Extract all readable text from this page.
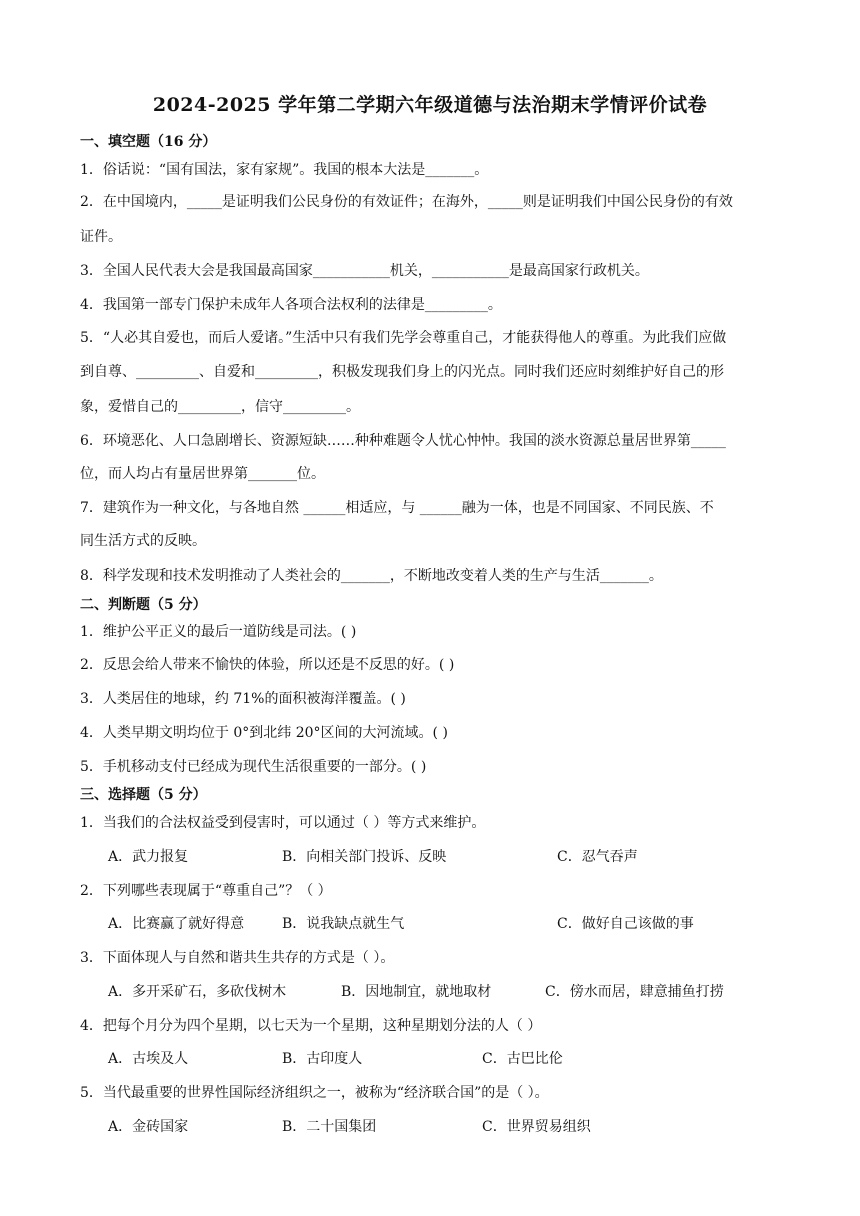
2024-2025 学年第二学期六年级道德与法治期末学情评价试卷
一、填空题（16 分）
1．俗话说：“国有国法，家有家规”。我国的根本大法是_______。
2．在中国境内，_____是证明我们公民身份的有效证件；在海外，_____则是证明我们中国公民身份的有效
证件。
3．全国人民代表大会是我国最高国家___________机关，___________是最高国家行政机关。
4．我国第一部专门保护未成年人各项合法权利的法律是_________。
5．“人必其自爱也，而后人爱诸。”生活中只有我们先学会尊重自己，才能获得他人的尊重。为此我们应做
到自尊、_________、自爱和_________，积极发现我们身上的闪光点。同时我们还应时刻维护好自己的形
象，爱惜自己的_________，信守_________。
6．环境恶化、人口急剧增长、资源短缺……种种难题令人忧心忡忡。我国的淡水资源总量居世界第_____
位，而人均占有量居世界第_______位。
7．建筑作为一种文化，与各地自然 ______相适应，与 ______融为一体，也是不同国家、不同民族、不
同生活方式的反映。
8．科学发现和技术发明推动了人类社会的_______，不断地改变着人类的生产与生活_______。
二、判断题（5 分）
1．维护公平正义的最后一道防线是司法。( )
2．反思会给人带来不愉快的体验，所以还是不反思的好。( )
3．人类居住的地球，约 71%的面积被海洋覆盖。( )
4．人类早期文明均位于 0°到北纬 20°区间的大河流域。( )
5．手机移动支付已经成为现代生活很重要的一部分。( )
三、选择题（5 分）
1．当我们的合法权益受到侵害时，可以通过（ ）等方式来维护。
A．武力报复	B．向相关部门投诉、反映	C．忍气吞声
2．下列哪些表现属于“尊重自己”？（ ）
A．比赛赢了就好得意	B．说我缺点就生气	C．做好自己该做的事
3．下面体现人与自然和谐共生共存的方式是（ ）。
A．多开采矿石，多砍伐树木	B．因地制宜，就地取材	C．傍水而居，肆意捕鱼打捞
4．把每个月分为四个星期，以七天为一个星期，这种星期划分法的人（ ）
A．古埃及人	B．古印度人	C．古巴比伦
5．当代最重要的世界性国际经济组织之一，被称为“经济联合国”的是（ ）。
A．金砖国家	B．二十国集团	C．世界贸易组织
